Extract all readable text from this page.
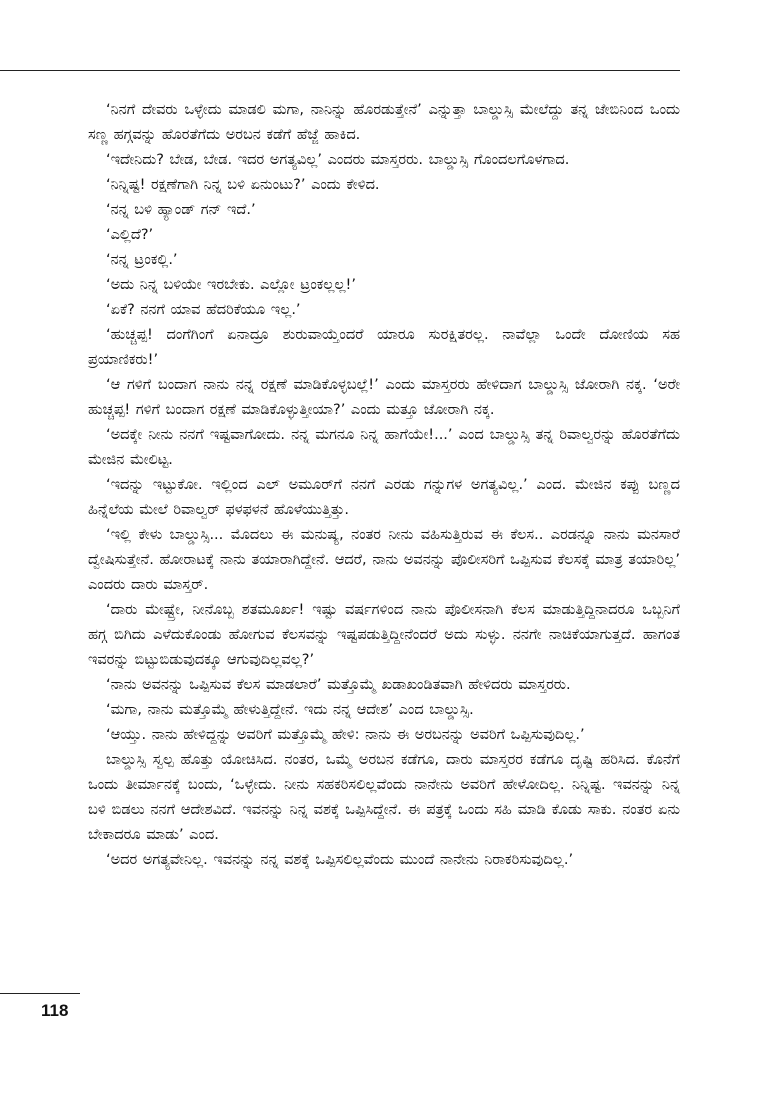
‘ನಿನಗೆ ದೇವರು ಒಳ್ಳೇದು ಮಾಡಲಿ ಮಗಾ, ನಾನಿನ್ನು ಹೊರಡುತ್ತೇನೆ’ ಎನ್ನುತ್ತಾ ಬಾಲ್ಡುಸ್ಸಿ ಮೇಲೆದ್ದು ತನ್ನ ಜೇಬಿನಿಂದ ಒಂದು ಸಣ್ಣ ಹಗ್ಗವನ್ನು ಹೊರತೆಗೆದು ಅರಬನ ಕಡೆಗೆ ಹೆಜ್ಜೆ ಹಾಕಿದ.

‘ಇದೇನಿದು? ಬೇಡ, ಬೇಡ. ಇದರ ಅಗತ್ಯವಿಲ್ಲ’ ಎಂದರು ಮಾಸ್ತರರು. ಬಾಲ್ಡುಸ್ಸಿ ಗೊಂದಲಗೊಳಗಾದ.

‘ನಿನ್ನಿಷ್ಟ! ರಕ್ಷಣೆಗಾಗಿ ನಿನ್ನ ಬಳಿ ಏನುಂಟು?’ ಎಂದು ಕೇಳಿದ.

‘ನನ್ನ ಬಳಿ ಹ್ಯಾಂಡ್ ಗನ್ ಇದೆ.’

‘ಎಲ್ಲಿದೆ?’

‘ನನ್ನ ಟ್ರಂಕಲ್ಲಿ.’

‘ಅದು ನಿನ್ನ ಬಳಿಯೇ ಇರಬೇಕು. ಎಲ್ಲೋ ಟ್ರಂಕಲ್ಲಲ್ಲ!’

‘ಏಕೆ? ನನಗೆ ಯಾವ ಹೆದರಿಕೆಯೂ ಇಲ್ಲ.’

‘ಹುಚ್ಚಪ್ಪ! ದಂಗೆಗಿಂಗೆ ಏನಾದ್ರೂ ಶುರುವಾಯ್ತೆಂದರೆ ಯಾರೂ ಸುರಕ್ಷಿತರಲ್ಲ. ನಾವೆಲ್ಲಾ ಒಂದೇ ದೋಣಿಯ ಸಹ ಪ್ರಯಾಣಿಕರು!’

‘ಆ ಗಳಿಗೆ ಬಂದಾಗ ನಾನು ನನ್ನ ರಕ್ಷಣೆ ಮಾಡಿಕೊಳ್ಳಬಲ್ಲೆ!’ ಎಂದು ಮಾಸ್ತರರು ಹೇಳಿದಾಗ ಬಾಲ್ಡುಸ್ಸಿ ಜೋರಾಗಿ ನಕ್ಕ. ‘ಅರೇ ಹುಚ್ಚಪ್ಪ! ಗಳಿಗೆ ಬಂದಾಗ ರಕ್ಷಣೆ ಮಾಡಿಕೊಳ್ಳುತ್ತೀಯಾ?’ ಎಂದು ಮತ್ತೂ ಜೋರಾಗಿ ನಕ್ಕ.

‘ಅದಕ್ಕೇ ನೀನು ನನಗೆ ಇಷ್ಟವಾಗೋದು. ನನ್ನ ಮಗನೂ ನಿನ್ನ ಹಾಗೆಯೇ!...’ ಎಂದ ಬಾಲ್ಡುಸ್ಸಿ ತನ್ನ ರಿವಾಲ್ವರನ್ನು ಹೊರತೆಗೆದು ಮೇಜಿನ ಮೇಲಿಟ್ಟ.

‘ಇದನ್ನು ಇಟ್ಟುಕೋ. ಇಲ್ಲಿಂದ ಎಲ್ ಅಮೂರ್‌ಗೆ ನನಗೆ ಎರಡು ಗನ್ನುಗಳ ಅಗತ್ಯವಿಲ್ಲ.’ ಎಂದ. ಮೇಜಿನ ಕಪ್ಪು ಬಣ್ಣದ ಹಿನ್ನೆಲೆಯ ಮೇಲೆ ರಿವಾಲ್ವರ್ ಫಳಫಳನೆ ಹೊಳೆಯುತ್ತಿತ್ತು.

‘ಇಲ್ಲಿ ಕೇಳು ಬಾಲ್ಡುಸ್ಸಿ... ಮೊದಲು ಈ ಮನುಷ್ಯ, ನಂತರ ನೀನು ವಹಿಸುತ್ತಿರುವ ಈ ಕೆಲಸ.. ಎರಡನ್ನೂ ನಾನು ಮನಸಾರೆ ದ್ವೇಷಿಸುತ್ತೇನೆ. ಹೋರಾಟಕ್ಕೆ ನಾನು ತಯಾರಾಗಿದ್ದೇನೆ. ಆದರೆ, ನಾನು ಅವನನ್ನು ಪೊಲೀಸರಿಗೆ ಒಪ್ಪಿಸುವ ಕೆಲಸಕ್ಕೆ ಮಾತ್ರ ತಯಾರಿಲ್ಲ’ ಎಂದರು ದಾರು ಮಾಸ್ತರ್.

‘ದಾರು ಮೇಷ್ಟ್ರೇ, ನೀನೊಬ್ಬ ಶತಮೂರ್ಖ! ಇಷ್ಟು ವರ್ಷಗಳಿಂದ ನಾನು ಪೊಲೀಸನಾಗಿ ಕೆಲಸ ಮಾಡುತ್ತಿದ್ದಿನಾದರೂ ಒಬ್ಬನಿಗೆ ಹಗ್ಗ ಬಿಗಿದು ಎಳೆದುಕೊಂಡು ಹೋಗುವ ಕೆಲಸವನ್ನು ಇಷ್ಟಪಡುತ್ತಿದ್ದೀನೆಂದರೆ ಅದು ಸುಳ್ಳು. ನನಗೇ ನಾಚಿಕೆಯಾಗುತ್ತದೆ. ಹಾಗಂತ ಇವರನ್ನು ಬಿಟ್ಟುಬಿಡುವುದಕ್ಕೂ ಆಗುವುದಿಲ್ಲವಲ್ಲ?’

‘ನಾನು ಅವನನ್ನು ಒಪ್ಪಿಸುವ ಕೆಲಸ ಮಾಡಲಾರೆ’ ಮತ್ತೊಮ್ಮೆ ಖಡಾಖಂಡಿತವಾಗಿ ಹೇಳಿದರು ಮಾಸ್ತರರು.

‘ಮಗಾ, ನಾನು ಮತ್ತೊಮ್ಮೆ ಹೇಳುತ್ತಿದ್ದೇನೆ. ಇದು ನನ್ನ ಆದೇಶ’ ಎಂದ ಬಾಲ್ಡುಸ್ಸಿ.

‘ಆಯ್ತು. ನಾನು ಹೇಳಿದ್ದನ್ನು ಅವರಿಗೆ ಮತ್ತೊಮ್ಮೆ ಹೇಳಿ: ನಾನು ಈ ಅರಬನನ್ನು ಅವರಿಗೆ ಒಪ್ಪಿಸುವುದಿಲ್ಲ.’

ಬಾಲ್ಡುಸ್ಸಿ ಸ್ವಲ್ಪ ಹೊತ್ತು ಯೋಚಿಸಿದ. ನಂತರ, ಒಮ್ಮೆ ಅರಬನ ಕಡೆಗೂ, ದಾರು ಮಾಸ್ತರರ ಕಡೆಗೂ ದೃಷ್ಟಿ ಹರಿಸಿದ. ಕೊನೆಗೆ ಒಂದು ತೀರ್ಮಾನಕ್ಕೆ ಬಂದು, ‘ಒಳ್ಳೇದು. ನೀನು ಸಹಕರಿಸಲಿಲ್ಲವೆಂದು ನಾನೇನು ಅವರಿಗೆ ಹೇಳೋದಿಲ್ಲ. ನಿನ್ನಿಷ್ಟ. ಇವನನ್ನು ನಿನ್ನ ಬಳಿ ಬಿಡಲು ನನಗೆ ಆದೇಶವಿದೆ. ಇವನನ್ನು ನಿನ್ನ ವಶಕ್ಕೆ ಒಪ್ಪಿಸಿದ್ದೇನೆ. ಈ ಪತ್ರಕ್ಕೆ ಒಂದು ಸಹಿ ಮಾಡಿ ಕೊಡು ಸಾಕು. ನಂತರ ಏನು ಬೇಕಾದರೂ ಮಾಡು’ ಎಂದ.

‘ಅದರ ಅಗತ್ಯವೇನಿಲ್ಲ. ಇವನನ್ನು ನನ್ನ ವಶಕ್ಕೆ ಒಪ್ಪಿಸಲಿಲ್ಲವೆಂದು ಮುಂದೆ ನಾನೇನು ನಿರಾಕರಿಸುವುದಿಲ್ಲ.’

118
